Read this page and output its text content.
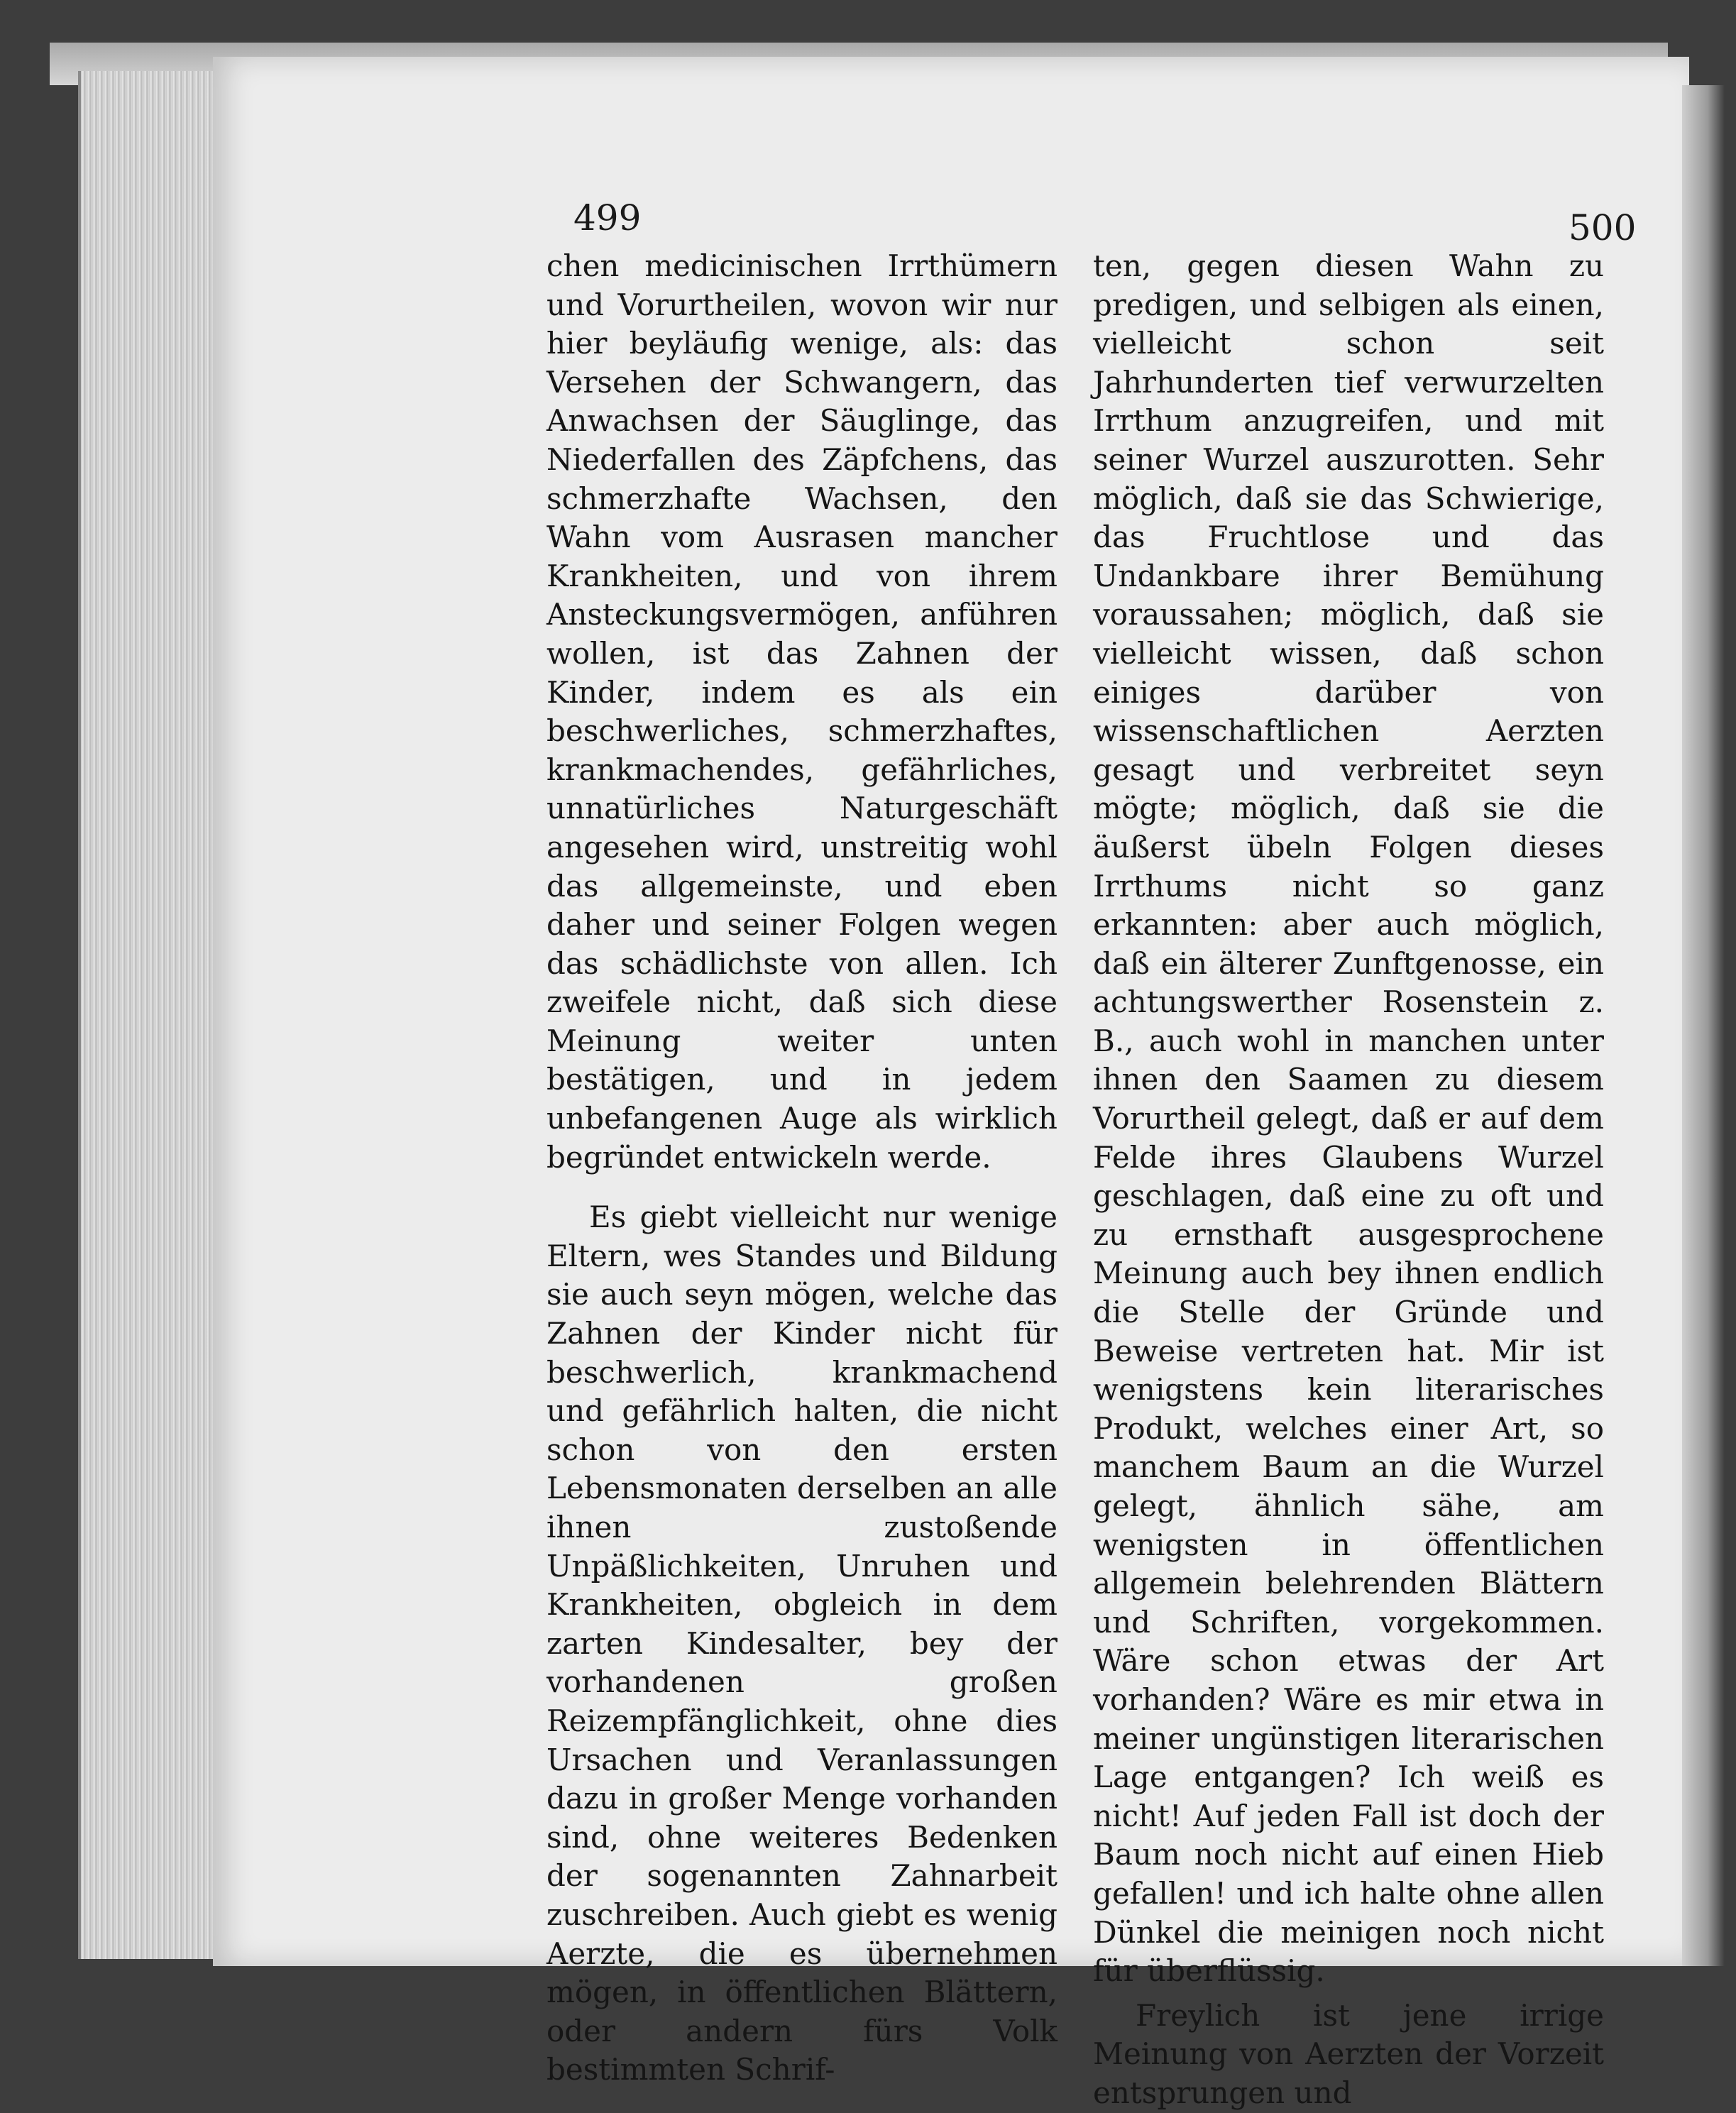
499	500

chen medicinischen Irrthümern und Vorurtheilen, wovon wir nur hier beyläufig wenige, als: das Versehen der Schwangern, das Anwachsen der Säuglinge, das Niederfallen des Zäpfchens, das schmerzhafte Wachsen, den Wahn vom Ausrasen mancher Krankheiten, und von ihrem Ansteckungsvermögen, anführen wollen, ist das Zahnen der Kinder, indem es als ein beschwerliches, schmerzhaftes, krankmachendes, gefährliches, unnatürliches Naturgeschäft angesehen wird, unstreitig wohl das allgemeinste, und eben daher und seiner Folgen wegen das schädlichste von allen. Ich zweifele nicht, daß sich diese Meinung weiter unten bestätigen, und in jedem unbefangenen Auge als wirklich begründet entwickeln werde.

Es giebt vielleicht nur wenige Eltern, wes Standes und Bildung sie auch seyn mögen, welche das Zahnen der Kinder nicht für beschwerlich, krankmachend und gefährlich halten, die nicht schon von den ersten Lebensmonaten derselben an alle ihnen zustoßende Unpäßlichkeiten, Unruhen und Krankheiten, obgleich in dem zarten Kindesalter, bey der vorhandenen großen Reizempfänglichkeit, ohne dies Ursachen und Veranlassungen dazu in großer Menge vorhanden sind, ohne weiteres Bedenken der sogenannten Zahnarbeit zuschreiben. Auch giebt es wenig Aerzte, die es übernehmen mögen, in öffentlichen Blättern, oder andern fürs Volk bestimmten Schrif-

ten, gegen diesen Wahn zu predigen, und selbigen als einen, vielleicht schon seit Jahrhunderten tief verwurzelten Irrthum anzugreifen, und mit seiner Wurzel auszurotten. Sehr möglich, daß sie das Schwierige, das Fruchtlose und das Undankbare ihrer Bemühung voraussahen; möglich, daß sie vielleicht wissen, daß schon einiges darüber von wissenschaftlichen Aerzten gesagt und verbreitet seyn mögte; möglich, daß sie die äußerst übeln Folgen dieses Irrthums nicht so ganz erkannten: aber auch möglich, daß ein älterer Zunftgenosse, ein achtungswerther Rosenstein z. B., auch wohl in manchen unter ihnen den Saamen zu diesem Vorurtheil gelegt, daß er auf dem Felde ihres Glaubens Wurzel geschlagen, daß eine zu oft und zu ernsthaft ausgesprochene Meinung auch bey ihnen endlich die Stelle der Gründe und Beweise vertreten hat. Mir ist wenigstens kein literarisches Produkt, welches einer Art, so manchem Baum an die Wurzel gelegt, ähnlich sähe, am wenigsten in öffentlichen allgemein belehrenden Blättern und Schriften, vorgekommen. Wäre schon etwas der Art vorhanden? Wäre es mir etwa in meiner ungünstigen literarischen Lage entgangen? Ich weiß es nicht! Auf jeden Fall ist doch der Baum noch nicht auf einen Hieb gefallen! und ich halte ohne allen Dünkel die meinigen noch nicht für überflüssig.

Freylich ist jene irrige Meinung von Aerzten der Vorzeit entsprungen und
